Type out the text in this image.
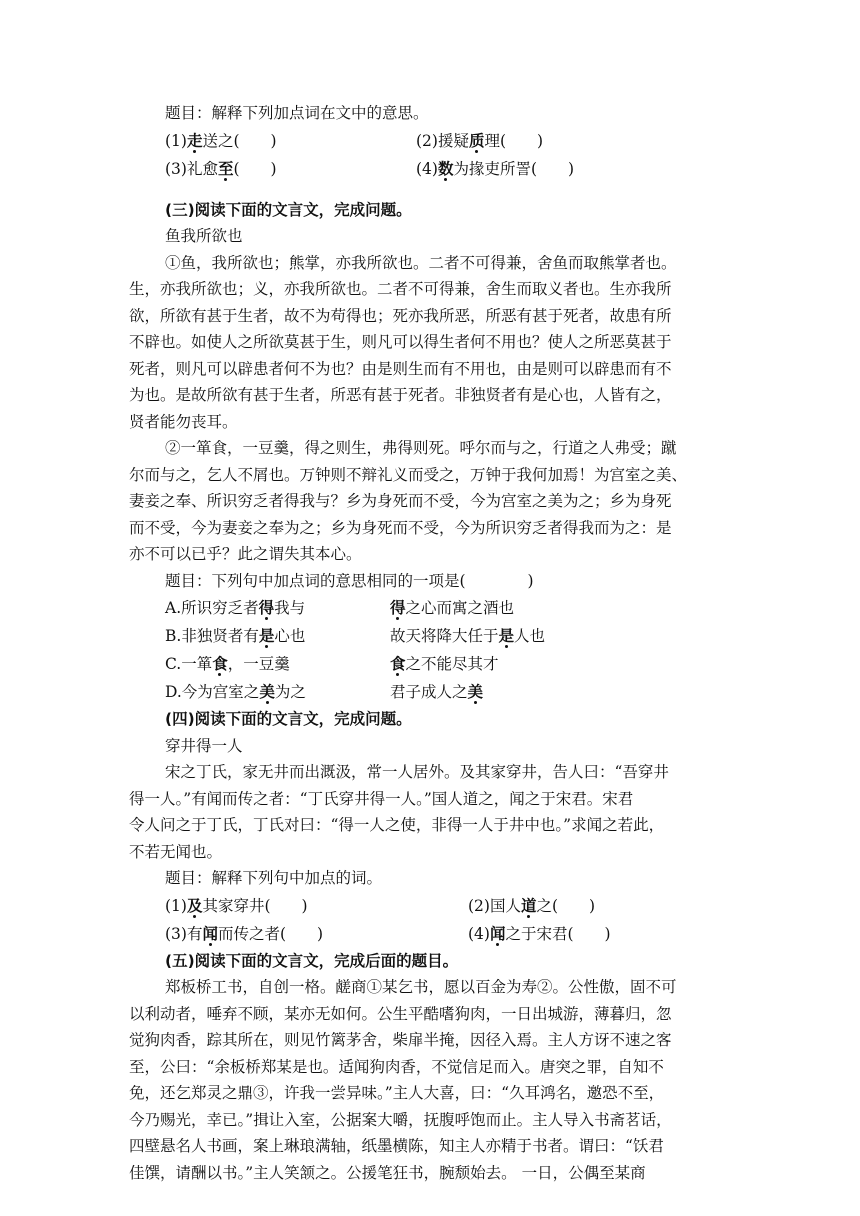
题目：解释下列加点词在文中的意思。
(1)走送之(　　)	(2)援疑质理(　　)
(3)礼愈至(　　)	(4)数为掾吏所詈(　　)
(三)阅读下面的文言文，完成问题。
鱼我所欲也
①鱼，我所欲也；熊掌，亦我所欲也。二者不可得兼，舍鱼而取熊掌者也。
生，亦我所欲也；义，亦我所欲也。二者不可得兼，舍生而取义者也。生亦我所
欲，所欲有甚于生者，故不为苟得也；死亦我所恶，所恶有甚于死者，故患有所
不辟也。如使人之所欲莫甚于生，则凡可以得生者何不用也？使人之所恶莫甚于
死者，则凡可以辟患者何不为也？由是则生而有不用也，由是则可以辟患而有不
为也。是故所欲有甚于生者，所恶有甚于死者。非独贤者有是心也，人皆有之，
贤者能勿丧耳。
②一箪食，一豆羹，得之则生，弗得则死。呼尔而与之，行道之人弗受；蹴
尔而与之，乞人不屑也。万钟则不辩礼义而受之，万钟于我何加焉！为宫室之美、
妻妾之奉、所识穷乏者得我与？乡为身死而不受，今为宫室之美为之；乡为身死
而不受，今为妻妾之奉为之；乡为身死而不受，今为所识穷乏者得我而为之：是
亦不可以已乎？此之谓失其本心。
题目：下列句中加点词的意思相同的一项是(　　　　)
A.所识穷乏者得我与	得之心而寓之酒也
B.非独贤者有是心也	故天将降大任于是人也
C.一箪食，一豆羹	食之不能尽其才
D.今为宫室之美为之	君子成人之美
(四)阅读下面的文言文，完成问题。
穿井得一人
宋之丁氏，家无井而出溉汲，常一人居外。及其家穿井，告人曰：“吾穿井
得一人。”有闻而传之者：“丁氏穿井得一人。”国人道之，闻之于宋君。宋君
令人问之于丁氏，丁氏对曰：“得一人之使，非得一人于井中也。”求闻之若此，
不若无闻也。
题目：解释下列句中加点的词。
(1)及其家穿井(　　)	(2)国人道之(　　)
(3)有闻而传之者(　　)	(4)闻之于宋君(　　)
(五)阅读下面的文言文，完成后面的题目。
郑板桥工书，自创一格。鹾商①某乞书，愿以百金为寿②。公性傲，固不可
以利动者，唾弃不顾，某亦无如何。公生平酷嗜狗肉，一日出城游，薄暮归，忽
觉狗肉香，踪其所在，则见竹篱茅舍，柴扉半掩，因径入焉。主人方讶不速之客
至，公曰：“余板桥郑某是也。适闻狗肉香，不觉信足而入。唐突之罪，自知不
免，还乞郑灵之鼎③，许我一尝异味。”主人大喜，曰：“久耳鸿名，邀恐不至，
今乃赐光，幸已。”揖让入室，公据案大嚼，抚腹呼饱而止。主人导入书斋茗话，
四壁悬名人书画，案上琳琅满轴，纸墨横陈，知主人亦精于书者。谓曰：“饫君
佳馔，请酬以书。”主人笑颔之。公援笔狂书，腕颓始去。 一日，公偶至某商
